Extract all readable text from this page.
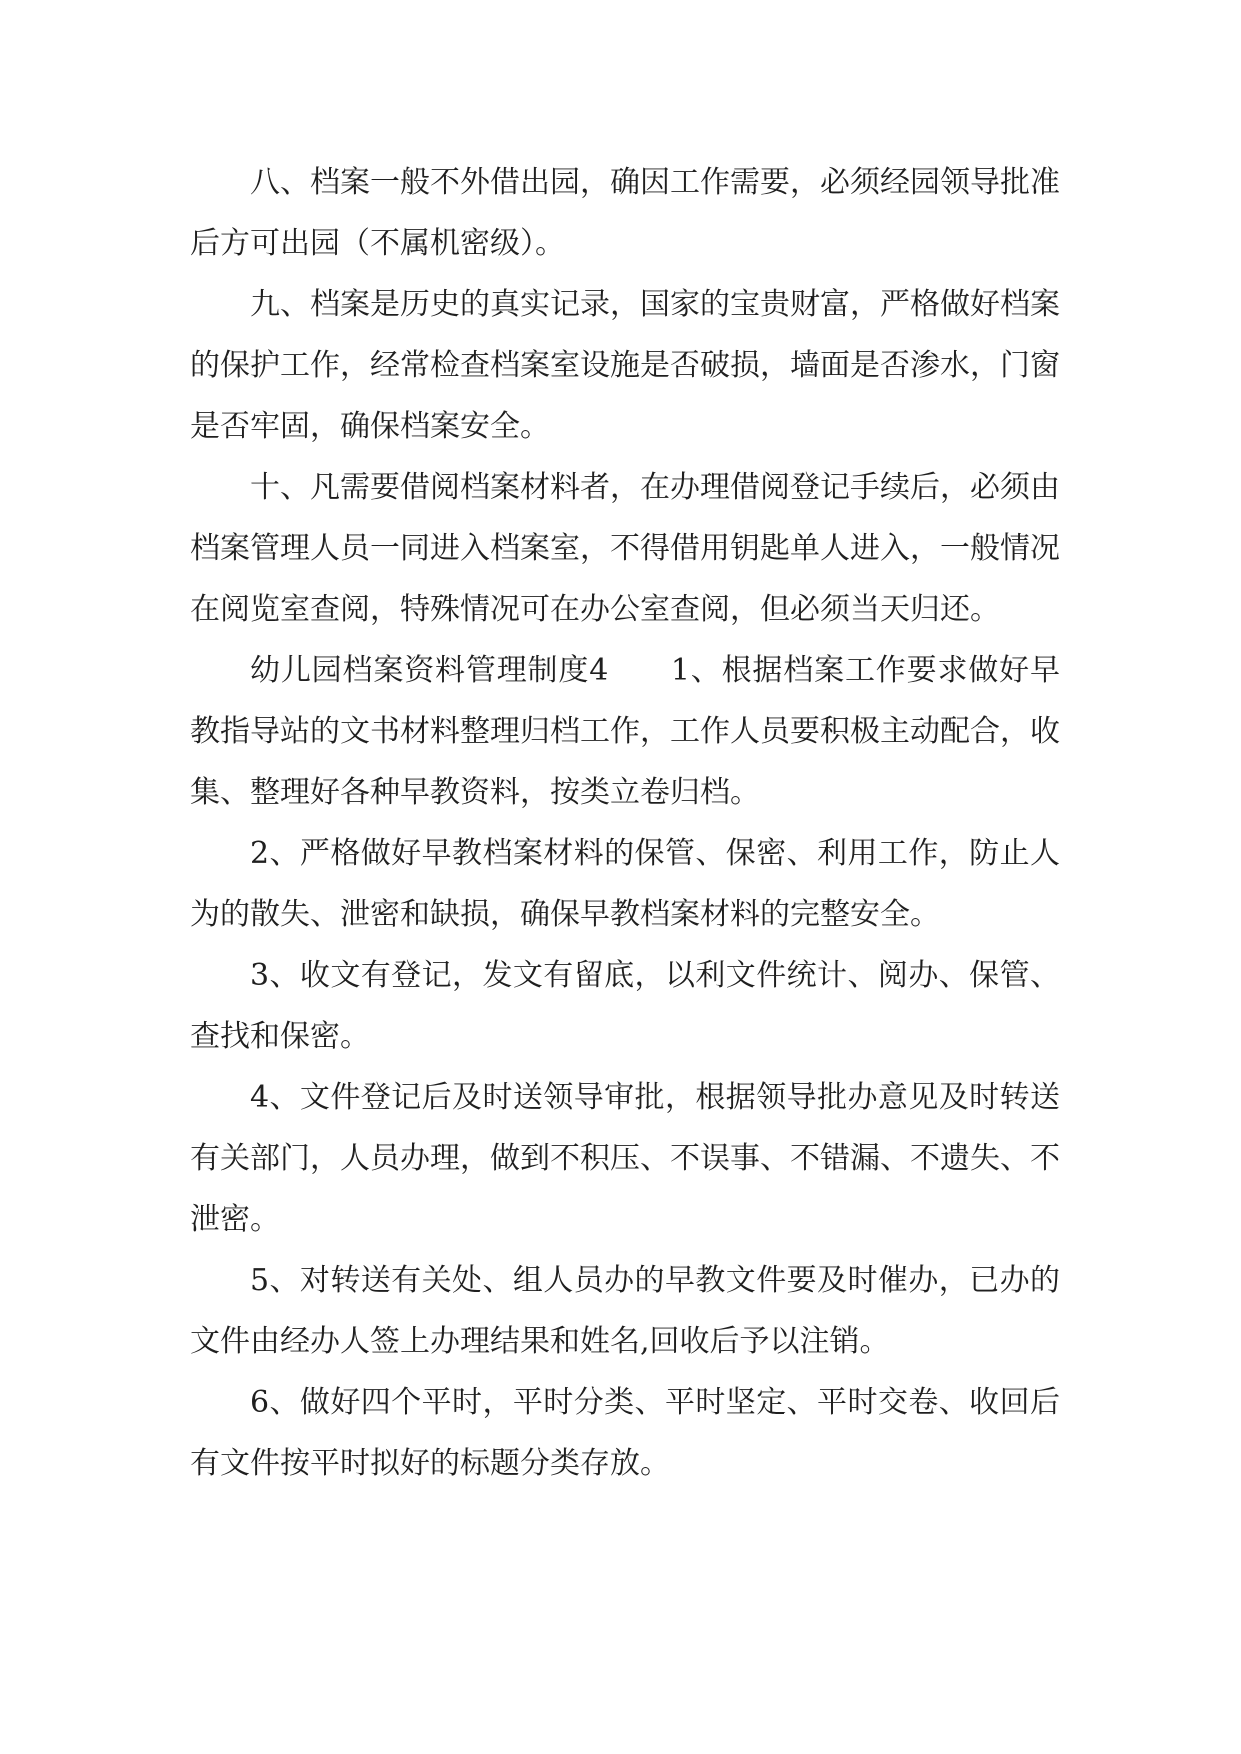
八、档案一般不外借出园，确因工作需要，必须经园领导批准后方可出园（不属机密级）。

九、档案是历史的真实记录，国家的宝贵财富，严格做好档案的保护工作，经常检查档案室设施是否破损，墙面是否渗水，门窗是否牢固，确保档案安全。

十、凡需要借阅档案材料者，在办理借阅登记手续后，必须由档案管理人员一同进入档案室，不得借用钥匙单人进入，一般情况在阅览室查阅，特殊情况可在办公室查阅，但必须当天归还。

幼儿园档案资料管理制度4　　1、根据档案工作要求做好早教指导站的文书材料整理归档工作，工作人员要积极主动配合，收集、整理好各种早教资料，按类立卷归档。

2、严格做好早教档案材料的保管、保密、利用工作，防止人为的散失、泄密和缺损，确保早教档案材料的完整安全。

3、收文有登记，发文有留底，以利文件统计、阅办、保管、查找和保密。

4、文件登记后及时送领导审批，根据领导批办意见及时转送有关部门，人员办理，做到不积压、不误事、不错漏、不遗失、不泄密。

5、对转送有关处、组人员办的早教文件要及时催办，已办的文件由经办人签上办理结果和姓名,回收后予以注销。

6、做好四个平时，平时分类、平时坚定、平时交卷、收回后有文件按平时拟好的标题分类存放。
